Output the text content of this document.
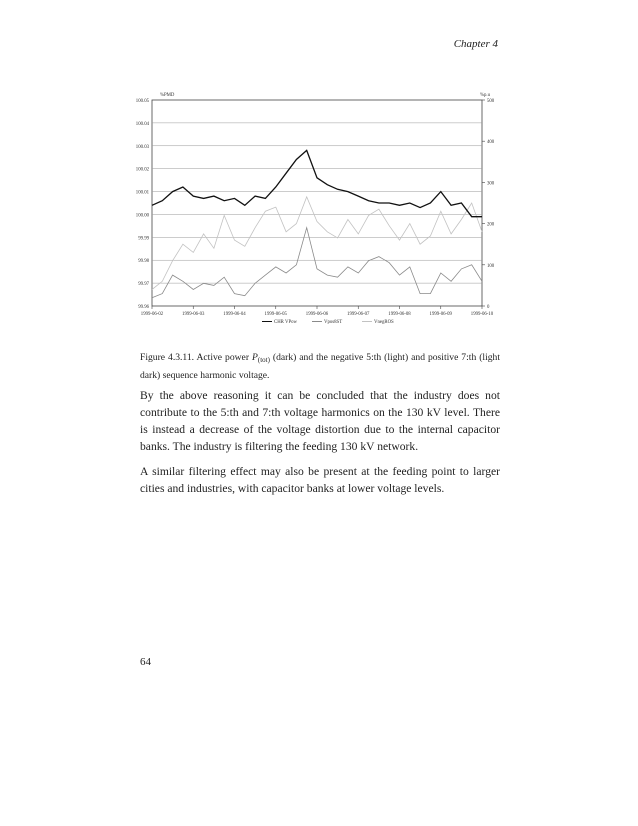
Chapter 4
100.05
100.04
100.03
100.02
100.01
100.00
99.99
99.98
99.97
99.96
500
400
300
200
100
0
1999-06-02	1999-06-03	1999-06-04	1999-06-05	1999-06-06	1999-06-07	1999-06-08	1999-06-09	1999-06-10
%PMD	%p.u
CHR VPow	Vpos8ST	VnegROS
Figure 4.3.11. Active power $P_{(tot)}$ (dark) and the negative 5:th (light) and positive 7:th (light dark) sequence harmonic voltage.

By the above reasoning it can be concluded that the industry does not contribute to the 5:th and 7:th voltage harmonics on the 130 kV level. There is instead a decrease of the voltage distortion due to the internal capacitor banks. The industry is filtering the feeding 130 kV network.

A similar filtering effect may also be present at the feeding point to larger cities and industries, with capacitor banks at lower voltage levels.

64
